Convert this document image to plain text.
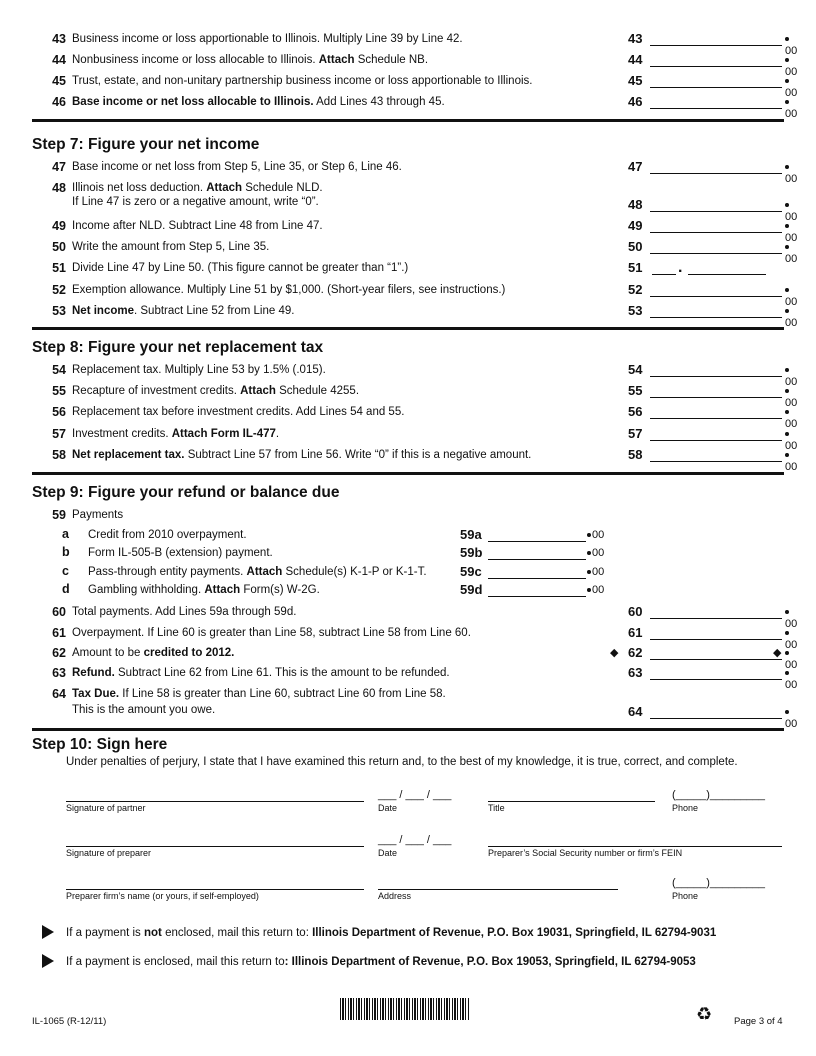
43 Business income or loss apportionable to Illinois. Multiply Line 39 by Line 42.	43
00
44 Nonbusiness income or loss allocable to Illinois. Attach Schedule NB.	44
00
45 Trust, estate, and non-unitary partnership business income or loss apportionable to Illinois.	45
00
46 Base income or net loss allocable to Illinois. Add Lines 43 through 45.	46
00
Step 7: Figure your net income
47 Base income or net loss from Step 5, Line 35, or Step 6, Line 46.	47
00
48 Illinois net loss deduction. Attach Schedule NLD.
If Line 47 is zero or a negative amount, write “0”.	48
00
49 Income after NLD. Subtract Line 48 from Line 47.	49
00
50 Write the amount from Step 5, Line 35.	50
00
51 Divide Line 47 by Line 50. (This figure cannot be greater than “1”.)	51	.
52 Exemption allowance. Multiply Line 51 by $1,000. (Short-year filers, see instructions.)	52
00
53 Net income. Subtract Line 52 from Line 49.	53
00
Step 8: Figure your net replacement tax
54 Replacement tax. Multiply Line 53 by 1.5% (.015).	54
00
55 Recapture of investment credits. Attach Schedule 4255.	55
00
56 Replacement tax before investment credits. Add Lines 54 and 55.	56
00
57 Investment credits. Attach Form IL-477.	57
00
58 Net replacement tax. Subtract Line 57 from Line 56. Write “0” if this is a negative amount.	58
00
Step 9: Figure your refund or balance due
59 Payments
a Credit from 2010 overpayment.	59a	00
b Form IL-505-B (extension) payment.	59b	00
c Pass-through entity payments. Attach Schedule(s) K-1-P or K-1-T.	59c	00
d Gambling withholding. Attach Form(s) W-2G.	59d	00
60 Total payments. Add Lines 59a through 59d.	60
00
61 Overpayment. If Line 60 is greater than Line 58, subtract Line 58 from Line 60.	61
00
62 Amount to be credited to 2012.	◆ 62
00
◆
63 Refund. Subtract Line 62 from Line 61. This is the amount to be refunded.	63
00
64 Tax Due. If Line 58 is greater than Line 60, subtract Line 60 from Line 58.
This is the amount you owe.	64
00
Step 10: Sign here
Under penalties of perjury, I state that I have examined this return and, to the best of my knowledge, it is true, correct, and complete.
Signature of partner
___ / ___ / ___
Date	Title
(_____)_________
Phone
Signature of preparer
___ / ___ / ___
Date	Preparer’s Social Security number or firm’s FEIN
Preparer firm’s name (or yours, if self-employed)	Address
(_____)_________
Phone
If a payment is not enclosed, mail this return to: Illinois Department of Revenue, P.O. Box 19031, Springfield, IL 62794-9031
If a payment is enclosed, mail this return to: Illinois Department of Revenue, P.O. Box 19053, Springfield, IL 62794-9053
IL-1065 (R-12/11)	♻ Page 3 of 4
